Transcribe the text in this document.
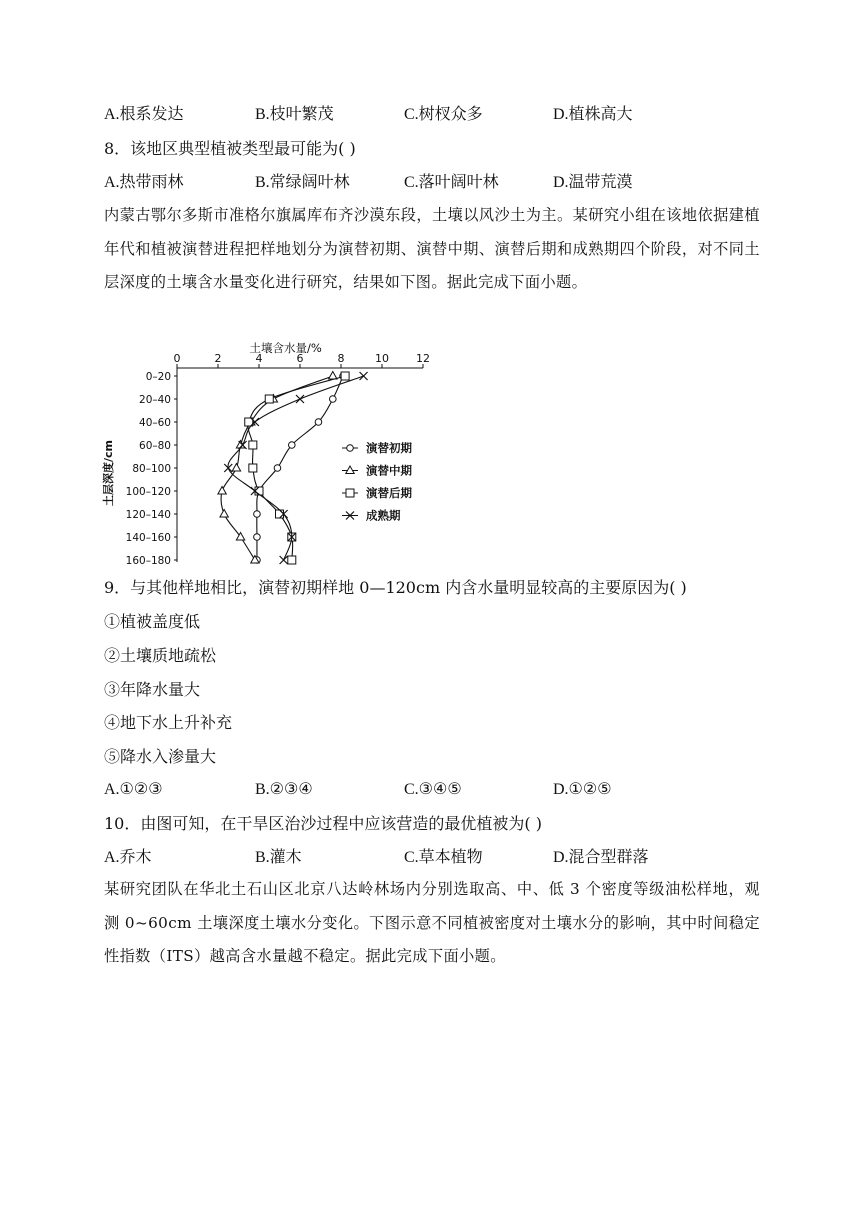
A.根系发达	B.枝叶繁茂	C.树杈众多	D.植株高大
8．该地区典型植被类型最可能为( )
A.热带雨林	B.常绿阔叶林	C.落叶阔叶林	D.温带荒漠
内蒙古鄂尔多斯市准格尔旗属库布齐沙漠东段，土壤以风沙土为主。某研究小组在该地依据建植年代和植被演替进程把样地划分为演替初期、演替中期、演替后期和成熟期四个阶段，对不同土层深度的土壤含水量变化进行研究，结果如下图。据此完成下面小题。
土壤含水量/%
0	2	4	6	8	10 12
0–20
20–40
40–60
60–80
80–100
100–120
120–140
140–160
160–180
土层深度/cm	演替初期
演替中期
演替后期
成熟期
9．与其他样地相比，演替初期样地 0—120cm 内含水量明显较高的主要原因为( )
①植被盖度低
②土壤质地疏松
③年降水量大
④地下水上升补充
⑤降水入渗量大
A.①②③	B.②③④	C.③④⑤	D.①②⑤
10．由图可知，在干旱区治沙过程中应该营造的最优植被为( )
A.乔木	B.灌木	C.草本植物	D.混合型群落
某研究团队在华北土石山区北京八达岭林场内分别选取高、中、低 3 个密度等级油松样地，观测 0~60cm 土壤深度土壤水分变化。下图示意不同植被密度对土壤水分的影响，其中时间稳定性指数（ITS）越高含水量越不稳定。据此完成下面小题。
